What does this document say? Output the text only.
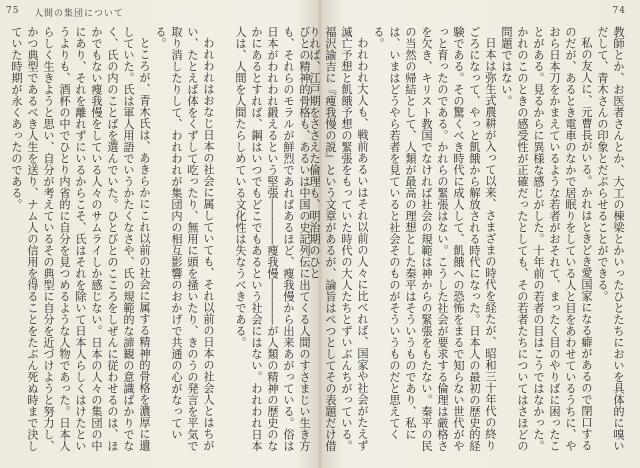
75 人間の集団について	74

教師とか、お医者さんとか、大工の棟梁とかいったひとたちにおいを具体的に嗅いだして、青木さんの印象とだぶらせることができる。

私の友人に、元曹長がいる。かれはときどき愛国家になる癖があるので閉口するのだが、あるとき電車のなかで居眠りをしている人と目をあわせているうちに、やおら日本刀をかまえているような若者がおそれて、まったく目のやりばに困ったことがある。見るからに異様な感じがした。十年前の若者の目はこうではなかった。かれのこのときの感受性が正確だったとしても、その若者たちについてはさほどの問題ではない。

日本は弥生式農耕が入って以来、さまざまの時代を経たが、昭和三十年代の終りごろになって、やっと飢餓から解放される時代になった。日本人の最初の歴史的経験である。その驚くべき時代に成人して、飢餓への恐怖をまるで知らない世代がやっと育ったのである。かれらの緊張はない。こうした社会が要求する倫理は厳格さを欠き、キリスト教国でなければ社会の規範は神からの緊張をもたない。秦平の民の当然の帰結として、人類が最高の理想とした秦平はそういうものであり、私には、いまはどうやら若者を見ていると社会そのものがそういうものだと思えてくる。

われわれ大人も、戦前あるいはそれ以前の人々に比べれば、国家や社会がたえず滅亡予想と飢餓予想の緊張をもっていた時代の大人たちとずいぶんちがっている。福沢諭吉に『痩我慢の説』という文章があるが、論旨はぺつとしてその表題だけ借りれば、江戸期をささえた倫理も、明治期のひと

びとの精神的骨格も、あるいは中国の史記列伝に出てくる人間のすさまじい生き方も、それらのモラルが鮮烈であればあるほど、痩我慢から出来あがっている。俗は日本がわれわれ鍛えるという堅張――――痩我慢――――が人類の精神の歴史のなかにあるとすれば、鋼はいつでもどこでもあるという社会にはない。われわれ日本人は、人間を人間たらしめている文化性は失なうべきである。

われわれはおなじ日本の社会に属していても、それ以前の日本の社会人とはちがい、たとえば体をくずして吃ったり、無用に頭を掻いたり、きのうの発言を平気で取り消したりして、われわれが集団内の相互影響のおかげで共通の心がなっている。

ところが、青木氏は、あきらかにこれ以前の社会に属する精神的骨格を濃厚に遺していた。氏は軍人用語でいうかたくなさや、氏の規範的な諦観の意識ばかりでなく、氏の内のことばを選んでいた。ひとびとのこころをしぜんに従わせるのは、ほかでもない痩我慢をしている人々のサムライしか感じない。日本の人々の集団の中にあり、それを離れずにいるからこそ、氏はそれを除いて日本人らしくはけたというよりも、酒杯の中でひとり内省的に自分を見つめるような人物であった。日本人らしく生きようと思い、自分が考えているその典型に自分を近づけようと努力し、かつ典型であるべき人生を送り、ナム人の信用を得ることをたぶん死ぬ時まで決していた時期が永くあったのである。
